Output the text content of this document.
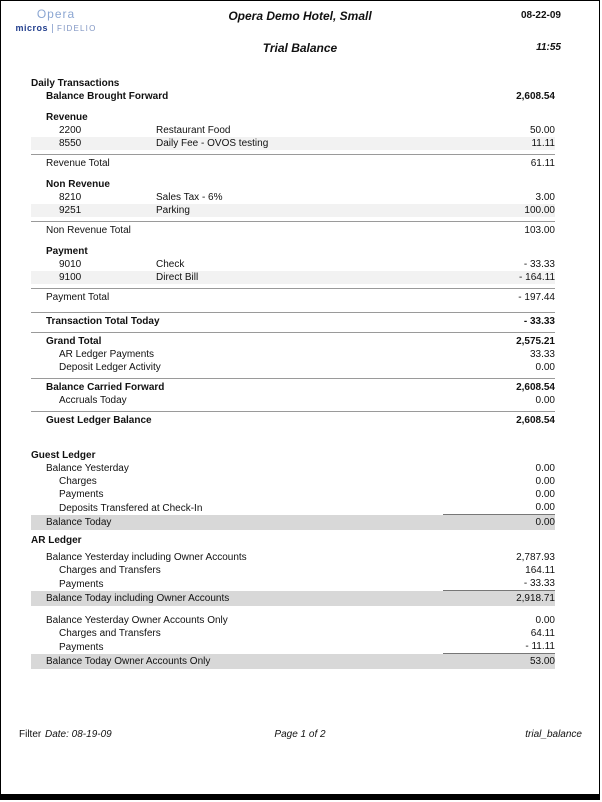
Opera
micros FIDELIO
Opera Demo Hotel, Small	08-22-09
Trial Balance	11:55
Daily Transactions
Balance Brought Forward	2,608.54
Revenue
2200	Restaurant Food	50.00
8550	Daily Fee - OVOS testing	11.11
Revenue Total	61.11
Non Revenue
8210	Sales Tax - 6%	3.00
9251	Parking	100.00
Non Revenue Total	103.00
Payment
9010	Check	- 33.33
9100	Direct Bill	- 164.11
Payment Total	- 197.44
Transaction Total Today	- 33.33
Grand Total	2,575.21
AR Ledger Payments	33.33
Deposit Ledger Activity	0.00
Balance Carried Forward	2,608.54
Accruals Today	0.00
Guest Ledger Balance	2,608.54
Guest Ledger
Balance Yesterday	0.00
Charges	0.00
Payments	0.00
Deposits Transfered at Check-In	0.00
Balance Today	0.00
AR Ledger
Balance Yesterday including Owner Accounts	2,787.93
Charges and Transfers	164.11
Payments	- 33.33
Balance Today including Owner Accounts	2,918.71
Balance Yesterday Owner Accounts Only	0.00
Charges and Transfers	64.11
Payments	- 11.11
Balance Today Owner Accounts Only	53.00
Filter Date: 08-19-09	Page 1 of 2	trial_balance
